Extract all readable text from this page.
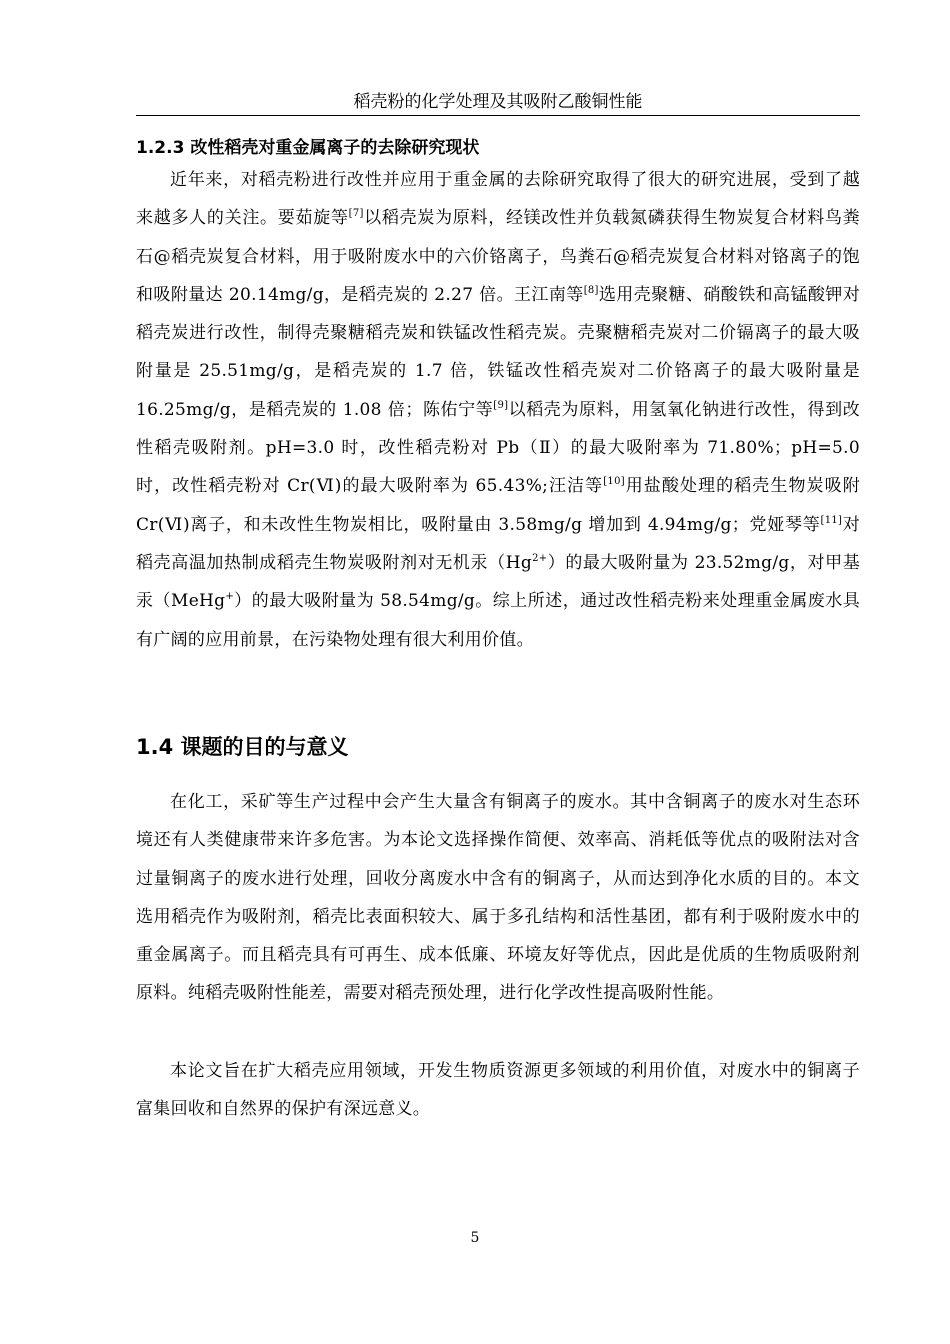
稻壳粉的化学处理及其吸附乙酸铜性能
1.2.3 改性稻壳对重金属离子的去除研究现状

近年来，对稻壳粉进行改性并应用于重金属的去除研究取得了很大的研究进展，受到了越来越多人的关注。要茹旋等[7]以稻壳炭为原料，经镁改性并负载氮磷获得生物炭复合材料鸟粪石@稻壳炭复合材料，用于吸附废水中的六价铬离子，鸟粪石@稻壳炭复合材料对铬离子的饱和吸附量达 20.14mg/g，是稻壳炭的 2.27 倍。王江南等[8]选用壳聚糖、硝酸铁和高锰酸钾对稻壳炭进行改性，制得壳聚糖稻壳炭和铁锰改性稻壳炭。壳聚糖稻壳炭对二价镉离子的最大吸附量是 25.51mg/g，是稻壳炭的 1.7 倍，铁锰改性稻壳炭对二价铬离子的最大吸附量是 16.25mg/g，是稻壳炭的 1.08 倍；陈佑宁等[9]以稻壳为原料，用氢氧化钠进行改性，得到改性稻壳吸附剂。pH=3.0 时，改性稻壳粉对 Pb（Ⅱ）的最大吸附率为 71.80%；pH=5.0 时，改性稻壳粉对 Cr(Ⅵ)的最大吸附率为 65.43%;汪洁等[10]用盐酸处理的稻壳生物炭吸附 Cr(Ⅵ)离子，和未改性生物炭相比，吸附量由 3.58mg/g 增加到 4.94mg/g；党娅琴等[11]对稻壳高温加热制成稻壳生物炭吸附剂对无机汞$(Hg^{2+})$的最大吸附量为 23.52mg/g，对甲基汞（MeHg+）的最大吸附量为 58.54mg/g。综上所述，通过改性稻壳粉来处理重金属废水具有广阔的应用前景，在污染物处理有很大利用价值。

1.4 课题的目的与意义

在化工，采矿等生产过程中会产生大量含有铜离子的废水。其中含铜离子的废水对生态环境还有人类健康带来许多危害。为本论文选择操作简便、效率高、消耗低等优点的吸附法对含过量铜离子的废水进行处理，回收分离废水中含有的铜离子，从而达到净化水质的目的。本文选用稻壳作为吸附剂，稻壳比表面积较大、属于多孔结构和活性基团，都有利于吸附废水中的重金属离子。而且稻壳具有可再生、成本低廉、环境友好等优点，因此是优质的生物质吸附剂原料。纯稻壳吸附性能差，需要对稻壳预处理，进行化学改性提高吸附性能。

本论文旨在扩大稻壳应用领域，开发生物质资源更多领域的利用价值，对废水中的铜离子富集回收和自然界的保护有深远意义。

5
